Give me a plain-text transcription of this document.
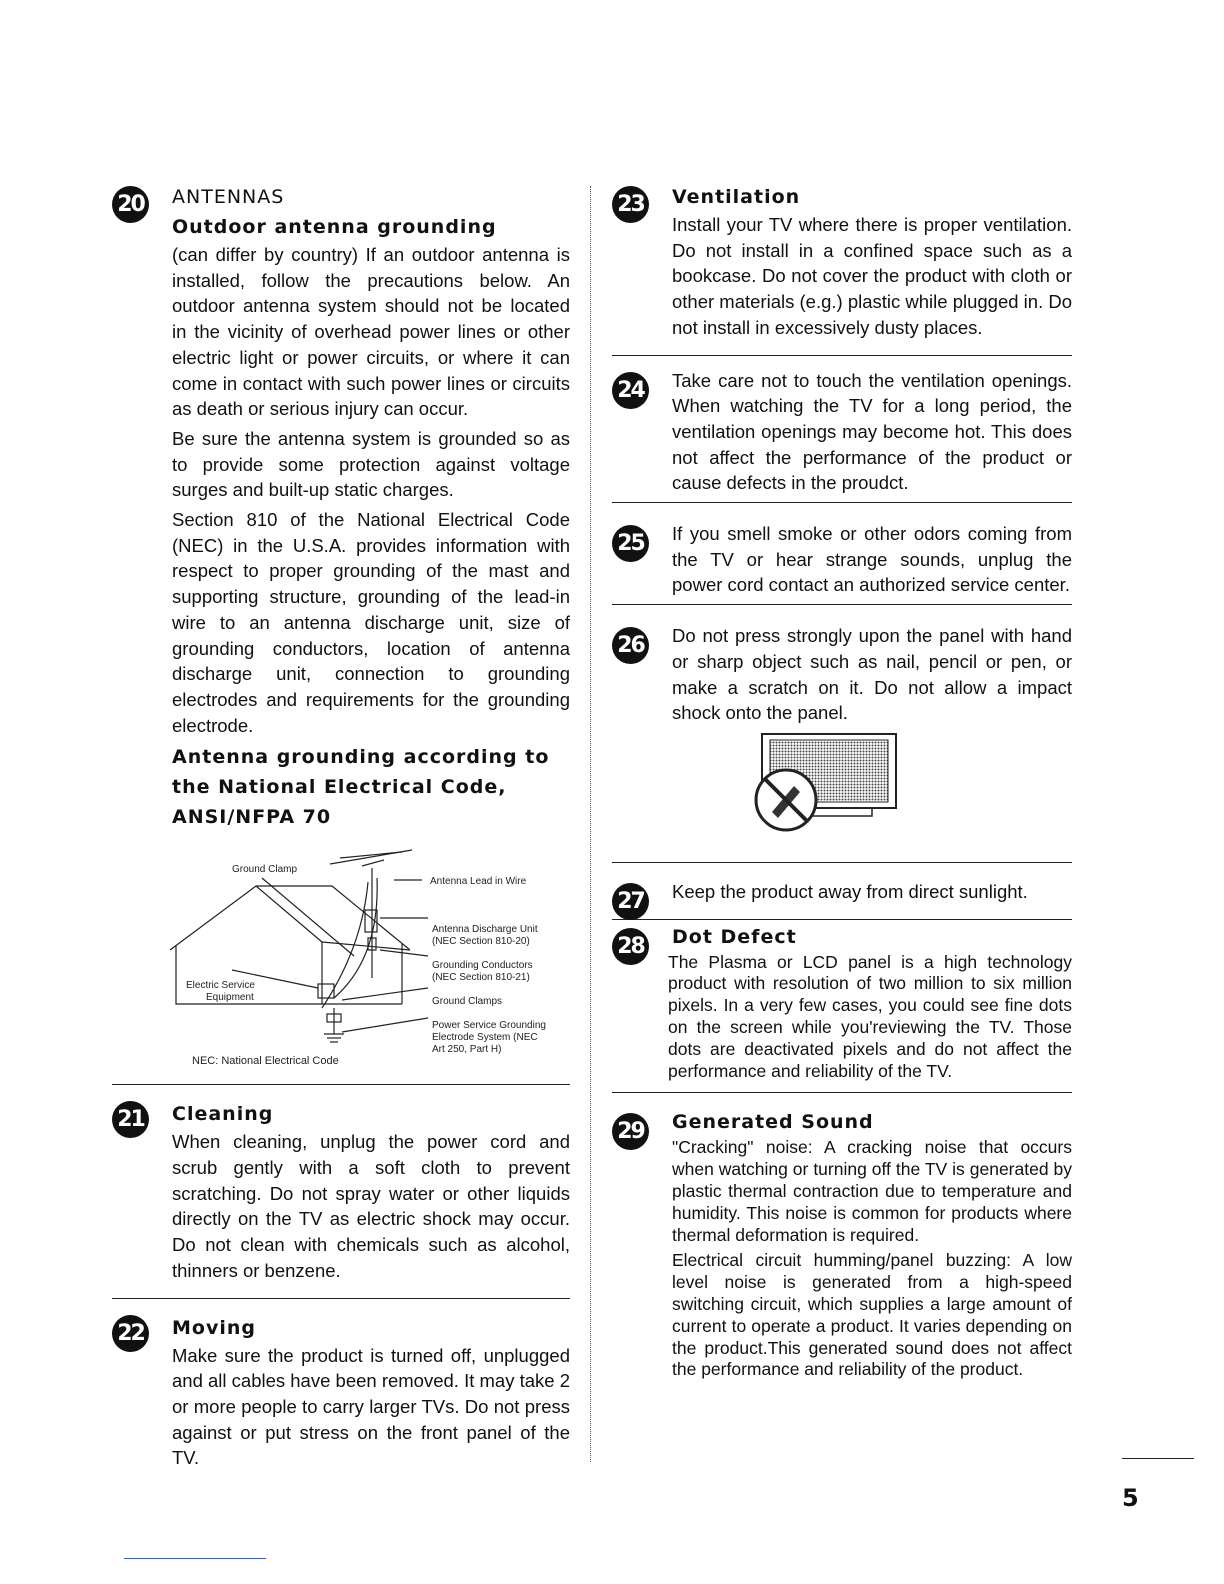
20 ANTENNAS
Outdoor antenna grounding

(can differ by country) If an outdoor antenna is installed, follow the precautions below. An outdoor antenna system should not be located in the vicinity of overhead power lines or other electric light or power circuits, or where it can come in contact with such power lines or circuits as death or serious injury can occur.

Be sure the antenna system is grounded so as to provide some protection against voltage surges and built-up static charges.

Section 810 of the National Electrical Code (NEC) in the U.S.A. provides information with respect to proper grounding of the mast and supporting structure, grounding of the lead-in wire to an antenna discharge unit, size of grounding conductors, location of antenna discharge unit, connection to grounding electrodes and requirements for the grounding electrode.

Antenna grounding according to the National Electrical Code, ANSI/NFPA 70
Ground Clamp
Antenna Lead in Wire
Antenna Discharge Unit
(NEC Section 810-20)
Grounding Conductors
(NEC Section 810-21)
Ground Clamps
Electric Service
Equipment
Power Service Grounding
Electrode System (NEC
Art 250, Part H)
NEC: National Electrical Code
21 Cleaning

When cleaning, unplug the power cord and scrub gently with a soft cloth to prevent scratching. Do not spray water or other liquids directly on the TV as electric shock may occur. Do not clean with chemicals such as alcohol, thinners or benzene.

22 Moving

Make sure the product is turned off, unplugged and all cables have been removed. It may take 2 or more people to carry larger TVs. Do not press against or put stress on the front panel of the TV.

23 Ventilation

Install your TV where there is proper ventilation. Do not install in a confined space such as a bookcase. Do not cover the product with cloth or other materials (e.g.) plastic while plugged in. Do not install in excessively dusty places.

24 Take care not to touch the ventilation openings. When watching the TV for a long period, the ventilation openings may become hot. This does not affect the performance of the product or cause defects in the proudct.

25 If you smell smoke or other odors coming from the TV or hear strange sounds, unplug the power cord contact an authorized service center.

26 Do not press strongly upon the panel with hand or sharp object such as nail, pencil or pen, or make a scratch on it. Do not allow a impact shock onto the panel.

27 Keep the product away from direct sunlight.

28 Dot Defect

The Plasma or LCD panel is a high technology product with resolution of two million to six million pixels. In a very few cases, you could see fine dots on the screen while you'reviewing the TV. Those dots are deactivated pixels and do not affect the performance and reliability of the TV.

29 Generated Sound

"Cracking" noise: A cracking noise that occurs when watching or turning off the TV is generated by plastic thermal contraction due to temperature and humidity. This noise is common for products where thermal deformation is required.

Electrical circuit humming/panel buzzing: A low level noise is generated from a high-speed switching circuit, which supplies a large amount of current to operate a product. It varies depending on the product.This generated sound does not affect the performance and reliability of the product.

5
